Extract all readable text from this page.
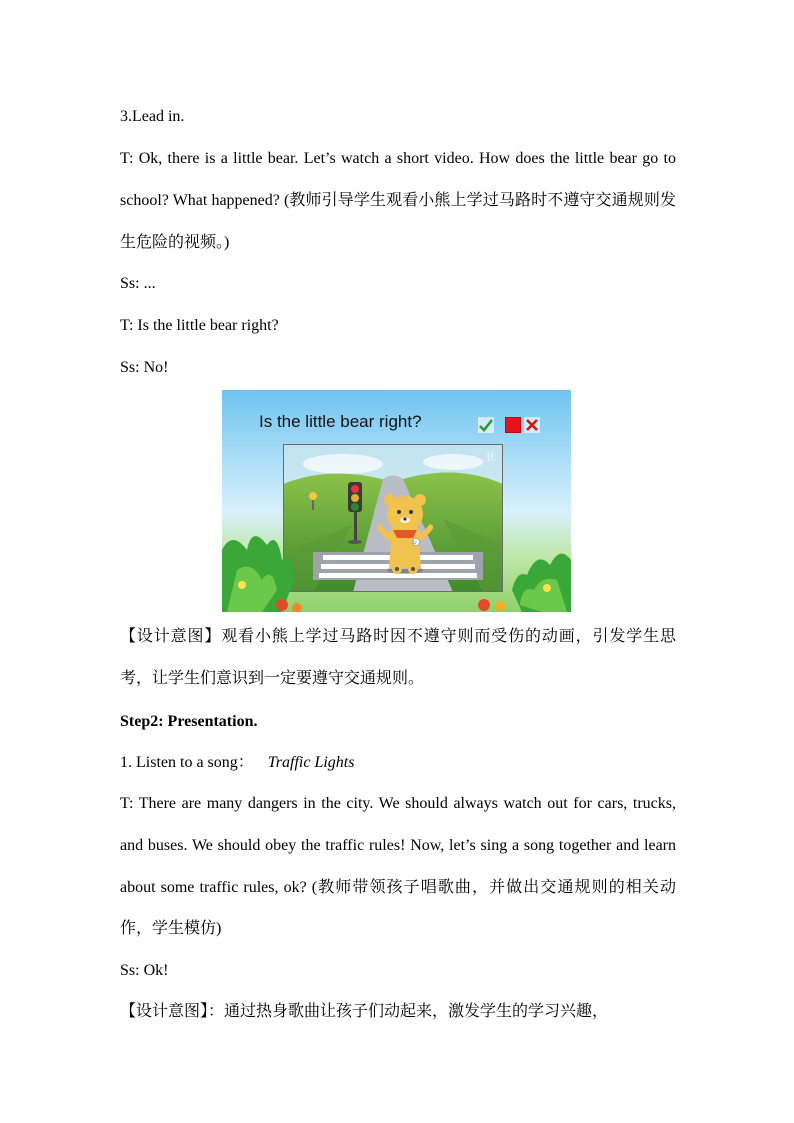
3.Lead in.
T: Ok, there is a little bear. Let’s watch a short video. How does the little bear go to school? What happened? (教师引导学生观看小熊上学过马路时不遵守交通规则发生危险的视频。)
Ss: ...
T: Is the little bear right?
Ss: No!
Is the little bear right?
优
U
【设计意图】观看小熊上学过马路时因不遵守则而受伤的动画，引发学生思考，让学生们意识到一定要遵守交通规则。
Step2: Presentation.
1. Listen to a song： Traffic Lights
T: There are many dangers in the city. We should always watch out for cars, trucks, and buses. We should obey the traffic rules! Now, let’s sing a song together and learn about some traffic rules, ok? (教师带领孩子唱歌曲，并做出交通规则的相关动作，学生模仿)
Ss: Ok!
【设计意图】：通过热身歌曲让孩子们动起来，激发学生的学习兴趣，
